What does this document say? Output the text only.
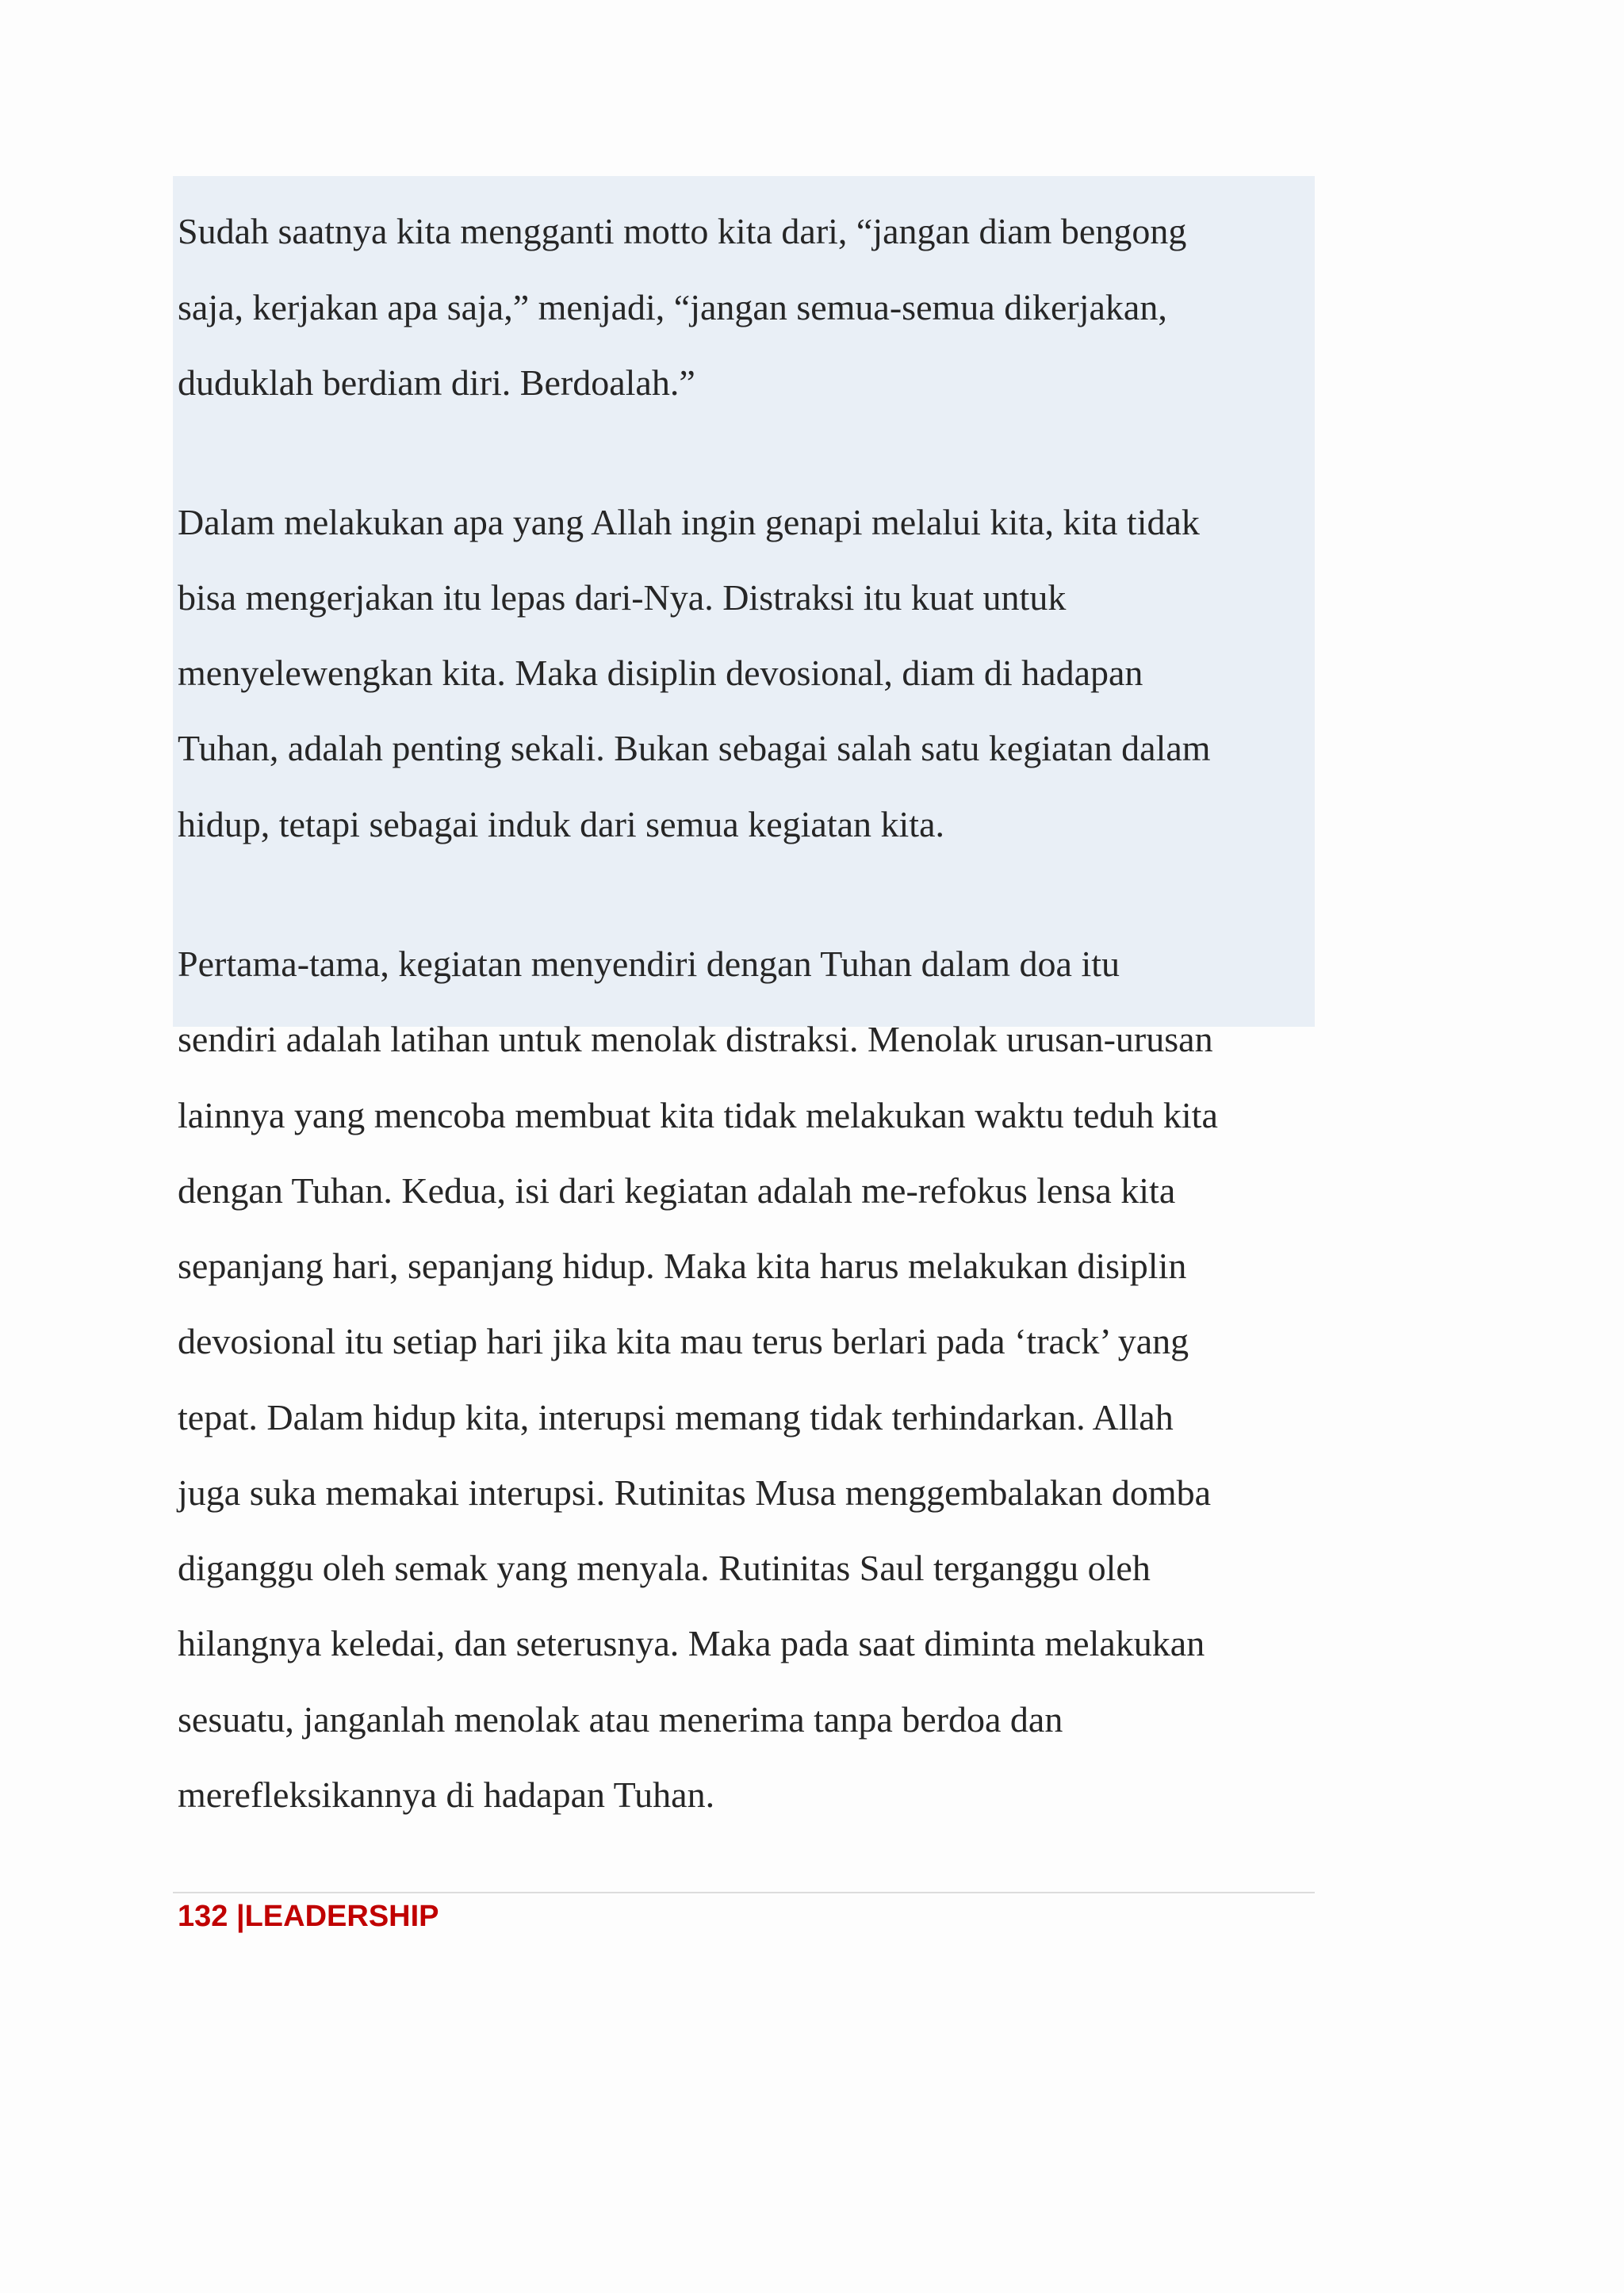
Sudah saatnya kita mengganti motto kita dari, “jangan diam bengong

saja, kerjakan apa saja,” menjadi, “jangan semua-semua dikerjakan,

duduklah berdiam diri. Berdoalah.”

Dalam melakukan apa yang Allah ingin genapi melalui kita, kita tidak

bisa mengerjakan itu lepas dari-Nya. Distraksi itu kuat untuk

menyelewengkan kita. Maka disiplin devosional, diam di hadapan

Tuhan, adalah penting sekali. Bukan sebagai salah satu kegiatan dalam

hidup, tetapi sebagai induk dari semua kegiatan kita.

Pertama-tama, kegiatan menyendiri dengan Tuhan dalam doa itu

sendiri adalah latihan untuk menolak distraksi. Menolak urusan-urusan

lainnya yang mencoba membuat kita tidak melakukan waktu teduh kita

dengan Tuhan. Kedua, isi dari kegiatan adalah me-refokus lensa kita

sepanjang hari, sepanjang hidup. Maka kita harus melakukan disiplin

devosional itu setiap hari jika kita mau terus berlari pada ‘track’ yang

tepat. Dalam hidup kita, interupsi memang tidak terhindarkan. Allah

juga suka memakai interupsi. Rutinitas Musa menggembalakan domba

diganggu oleh semak yang menyala. Rutinitas Saul terganggu oleh

hilangnya keledai, dan seterusnya. Maka pada saat diminta melakukan

sesuatu, janganlah menolak atau menerima tanpa berdoa dan

merefleksikannya di hadapan Tuhan.

132 |LEADERSHIP
